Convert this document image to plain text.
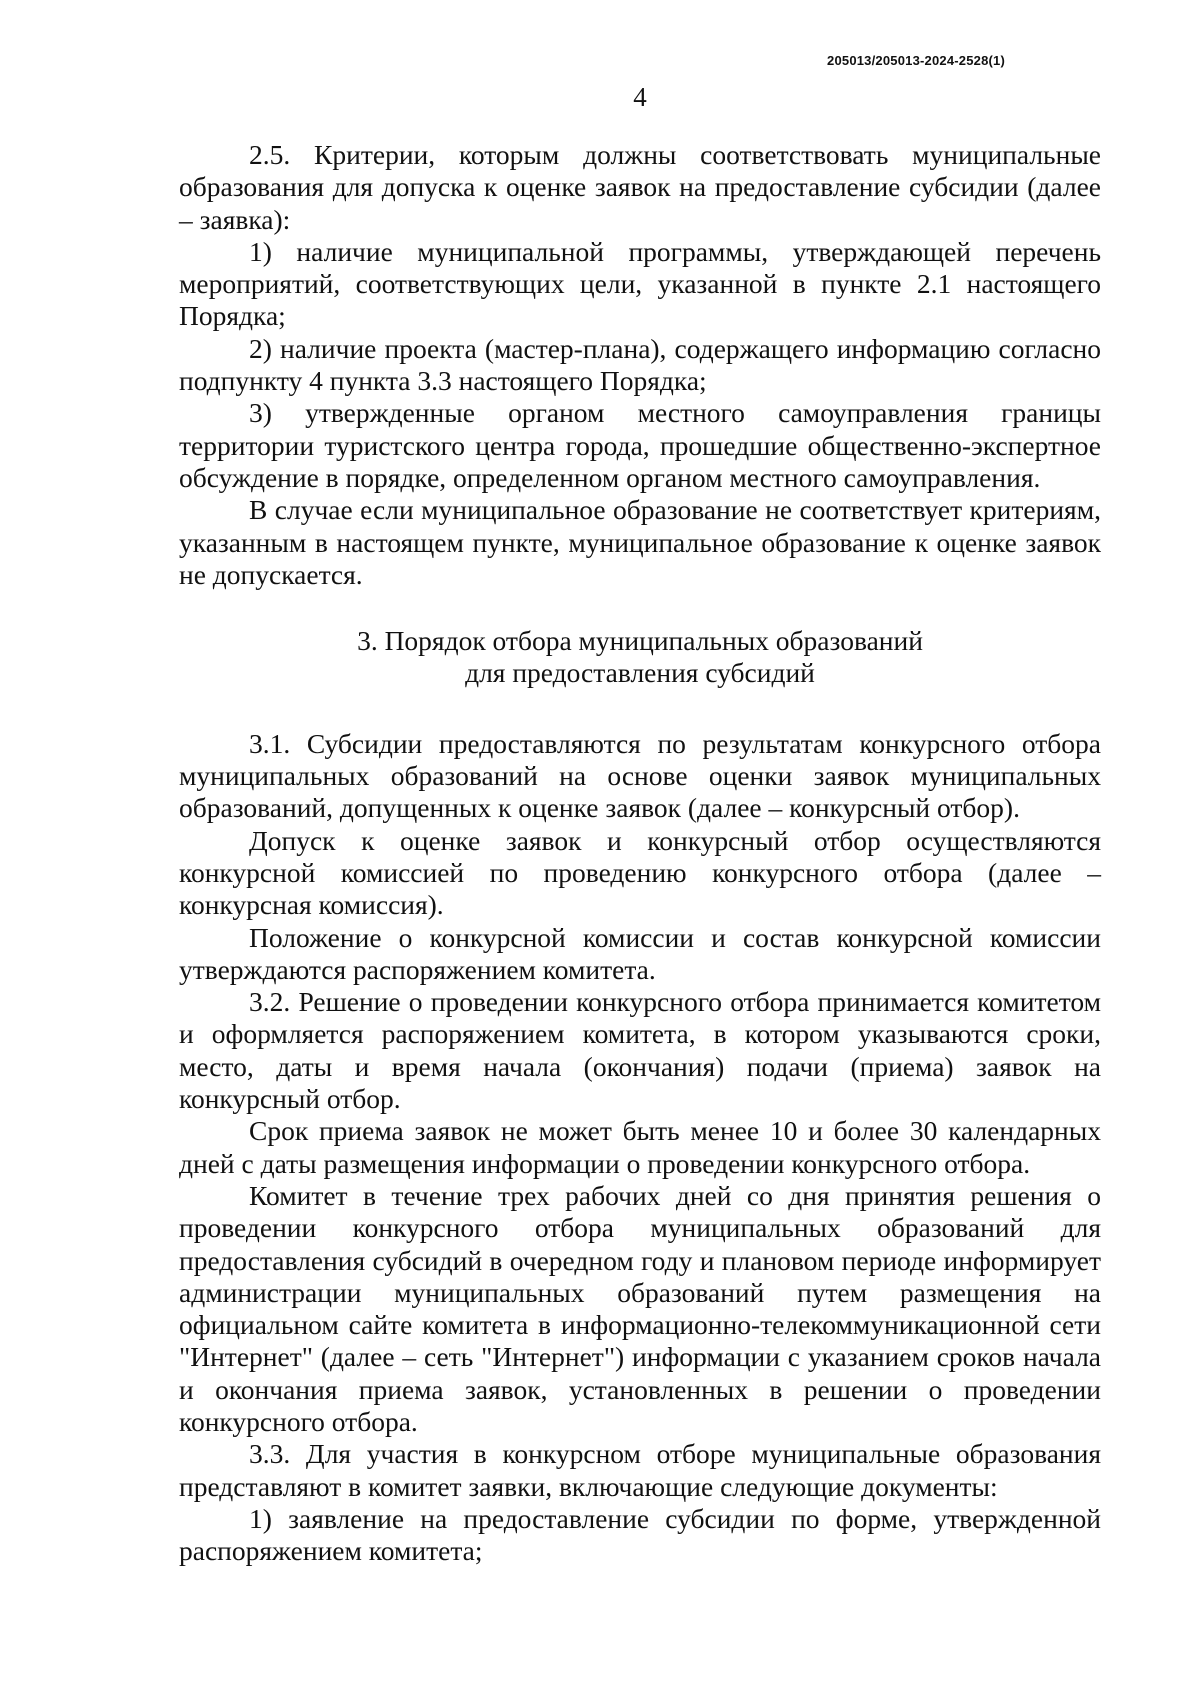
205013/205013-2024-2528(1)
4

2.5. Критерии, которым должны соответствовать муниципальные образования для допуска к оценке заявок на предоставление субсидии (далее – заявка):

1) наличие муниципальной программы, утверждающей перечень мероприятий, соответствующих цели, указанной в пункте 2.1 настоящего Порядка;

2) наличие проекта (мастер-плана), содержащего информацию согласно подпункту 4 пункта 3.3 настоящего Порядка;

3) утвержденные органом местного самоуправления границы территории туристского центра города, прошедшие общественно-экспертное обсуждение в порядке, определенном органом местного самоуправления.

В случае если муниципальное образование не соответствует критериям, указанным в настоящем пункте, муниципальное образование к оценке заявок не допускается.

3. Порядок отбора муниципальных образований

для предоставления субсидий

3.1. Субсидии предоставляются по результатам конкурсного отбора муниципальных образований на основе оценки заявок муниципальных образований, допущенных к оценке заявок (далее – конкурсный отбор).

Допуск к оценке заявок и конкурсный отбор осуществляются конкурсной комиссией по проведению конкурсного отбора (далее – конкурсная комиссия).

Положение о конкурсной комиссии и состав конкурсной комиссии утверждаются распоряжением комитета.

3.2. Решение о проведении конкурсного отбора принимается комитетом и оформляется распоряжением комитета, в котором указываются сроки, место, даты и время начала (окончания) подачи (приема) заявок на конкурсный отбор.

Срок приема заявок не может быть менее 10 и более 30 календарных дней с даты размещения информации о проведении конкурсного отбора.

Комитет в течение трех рабочих дней со дня принятия решения о проведении конкурсного отбора муниципальных образований для предоставления субсидий в очередном году и плановом периоде информирует администрации муниципальных образований путем размещения на официальном сайте комитета в информационно-телекоммуникационной сети "Интернет" (далее – сеть "Интернет") информации с указанием сроков начала и окончания приема заявок, установленных в решении о проведении конкурсного отбора.

3.3. Для участия в конкурсном отборе муниципальные образования представляют в комитет заявки, включающие следующие документы:

1) заявление на предоставление субсидии по форме, утвержденной распоряжением комитета;
